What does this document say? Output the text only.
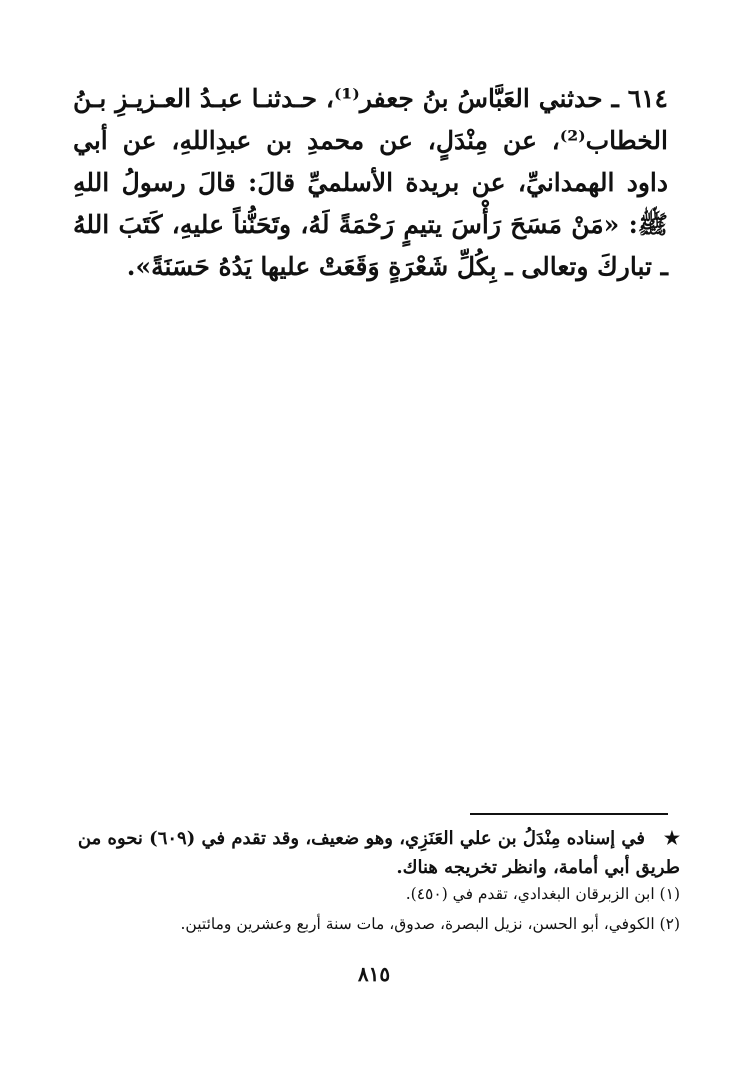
٦١٤ ـ حدثني العَبَّاسُ بنُ جعفر⁽¹⁾، حـدثنـا عبـدُ العـزيـزِ بـنُ الخطاب⁽²⁾، عن مِنْدَلٍ، عن محمدِ بن عبدِاللهِ، عن أبي داود الهمدانيِّ، عن بريدة الأسلميِّ قالَ: قالَ رسولُ اللهِ ﷺ: «مَنْ مَسَحَ رَأْسَ يتيمٍ رَحْمَةً لَهُ، وتَحَنُّناً عليهِ، كَتَبَ اللهُ ـ تباركَ وتعالى ـ بِكُلِّ شَعْرَةٍ وَقَعَتْ عليها يَدُهُ حَسَنَةً».

★   في إسناده مِنْدَلُ بن علي العَنَزِي، وهو ضعيف، وقد تقدم في (٦٠٩) نحوه من طريق أبي أمامة، وانظر تخريجه هناك.

(١) ابن الزبرقان البغدادي، تقدم في (٤٥٠).

(٢) الكوفي، أبو الحسن، نزيل البصرة، صدوق، مات سنة أربع وعشرين ومائتين.

٨١٥
